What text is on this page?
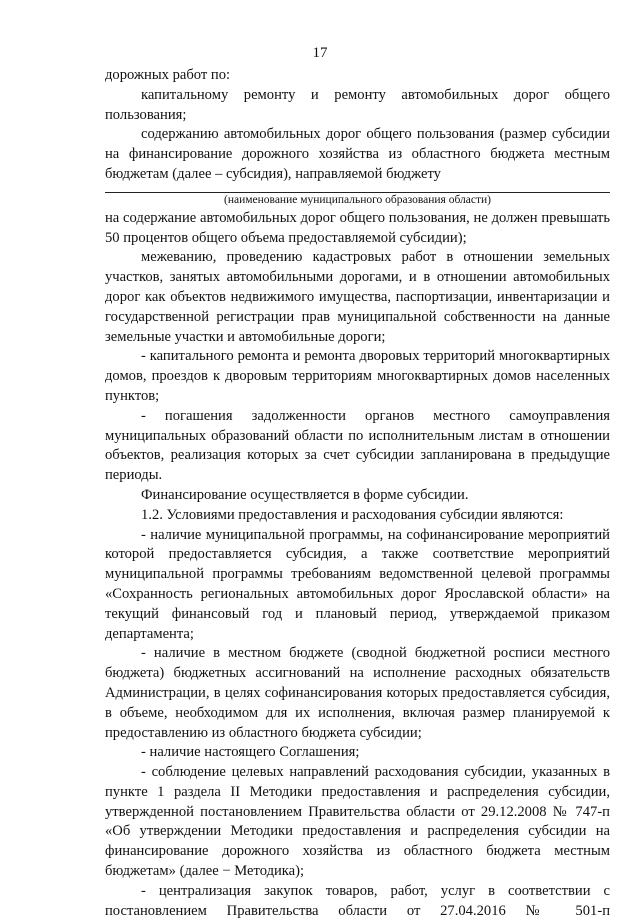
17

дорожных работ по:

капитальному ремонту и ремонту автомобильных дорог общего пользования;

содержанию автомобильных дорог общего пользования (размер субсидии на финансирование дорожного хозяйства из областного бюджета местным бюджетам (далее – субсидия), направляемой бюджету

(наименование муниципального образования области)

на содержание автомобильных дорог общего пользования, не должен превышать 50 процентов общего объема предоставляемой субсидии);

межеванию, проведению кадастровых работ в отношении земельных участков, занятых автомобильными дорогами, и в отношении автомобильных дорог как объектов недвижимого имущества, паспортизации, инвентаризации и государственной регистрации прав муниципальной собственности на данные земельные участки и автомобильные дороги;

- капитального ремонта и ремонта дворовых территорий многоквартирных домов, проездов к дворовым территориям многоквартирных домов населенных пунктов;

- погашения задолженности органов местного самоуправления муниципальных образований области по исполнительным листам в отношении объектов, реализация которых за счет субсидии запланирована в предыдущие периоды.

Финансирование осуществляется в форме субсидии.

1.2. Условиями предоставления и расходования субсидии являются:

- наличие муниципальной программы, на софинансирование мероприятий которой предоставляется субсидия, а также соответствие мероприятий муниципальной программы требованиям ведомственной целевой программы «Сохранность региональных автомобильных дорог Ярославской области» на текущий финансовый год и плановый период, утверждаемой приказом департамента;

- наличие в местном бюджете (сводной бюджетной росписи местного бюджета) бюджетных ассигнований на исполнение расходных обязательств Администрации, в целях софинансирования которых предоставляется субсидия, в объеме, необходимом для их исполнения, включая размер планируемой к предоставлению из областного бюджета субсидии;

- наличие настоящего Соглашения;

- соблюдение целевых направлений расходования субсидии, указанных в пункте 1 раздела II Методики предоставления и распределения субсидии, утвержденной постановлением Правительства области от 29.12.2008 № 747-п «Об утверждении Методики предоставления и распределения субсидии на финансирование дорожного хозяйства из областного бюджета местным бюджетам» (далее − Методика);

- централизация закупок товаров, работ, услуг в соответствии с постановлением Правительства области от 27.04.2016 № 501-п
